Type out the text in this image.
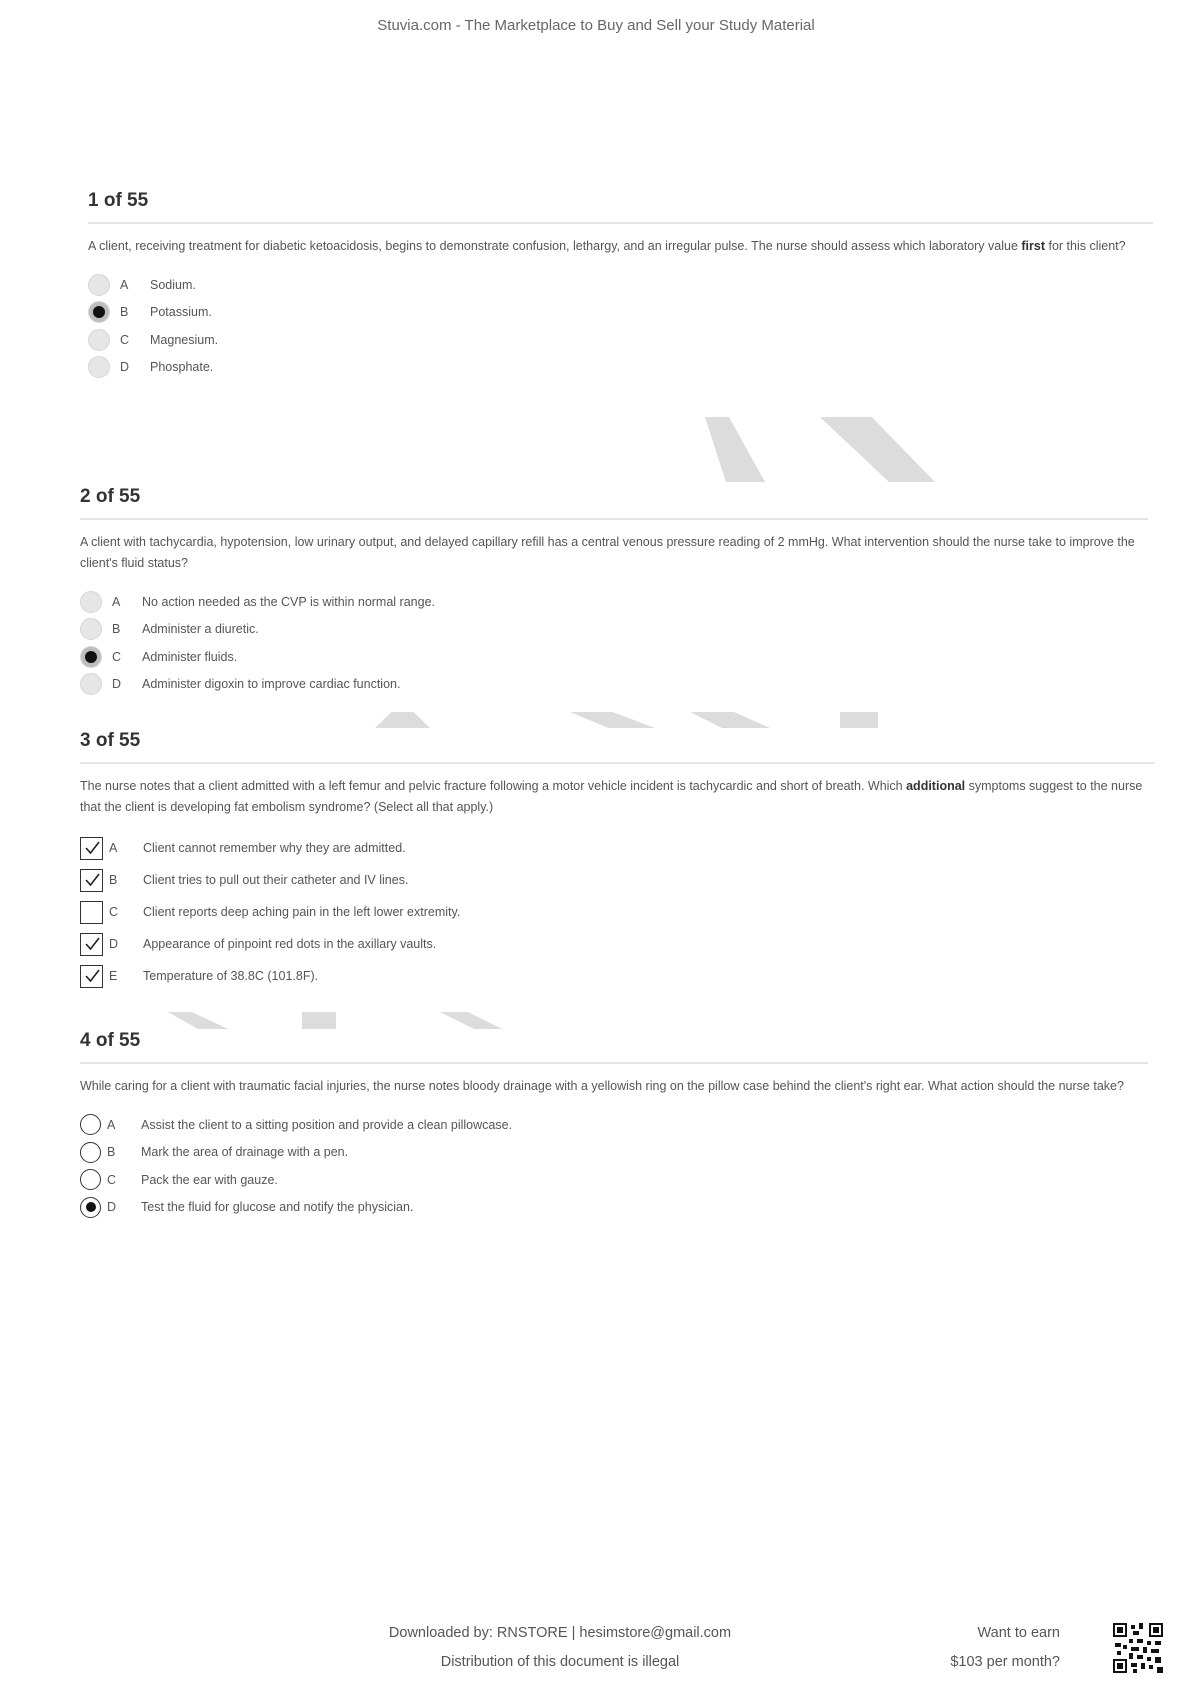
Stuvia.com - The Marketplace to Buy and Sell your Study Material
1 of 55
A client, receiving treatment for diabetic ketoacidosis, begins to demonstrate confusion, lethargy, and an irregular pulse. The nurse should assess which laboratory value first for this client?
A	Sodium.
B	Potassium.
C	Magnesium.
D	Phosphate.
2 of 55
A client with tachycardia, hypotension, low urinary output, and delayed capillary refill has a central venous pressure reading of 2 mmHg. What intervention should the nurse take to improve the client's fluid status?
A	No action needed as the CVP is within normal range.
B	Administer a diuretic.
C	Administer fluids.
D	Administer digoxin to improve cardiac function.
3 of 55
The nurse notes that a client admitted with a left femur and pelvic fracture following a motor vehicle incident is tachycardic and short of breath. Which additional symptoms suggest to the nurse that the client is developing fat embolism syndrome? (Select all that apply.)
A	Client cannot remember why they are admitted.
B	Client tries to pull out their catheter and IV lines.
C	Client reports deep aching pain in the left lower extremity.
D	Appearance of pinpoint red dots in the axillary vaults.
E	Temperature of 38.8C (101.8F).
4 of 55
While caring for a client with traumatic facial injuries, the nurse notes bloody drainage with a yellowish ring on the pillow case behind the client's right ear. What action should the nurse take?
A	Assist the client to a sitting position and provide a clean pillowcase.
B	Mark the area of drainage with a pen.
C	Pack the ear with gauze.
D	Test the fluid for glucose and notify the physician.
Downloaded by: RNSTORE | hesimstore@gmail.com
Distribution of this document is illegal
Want to earn
$103 per month?
